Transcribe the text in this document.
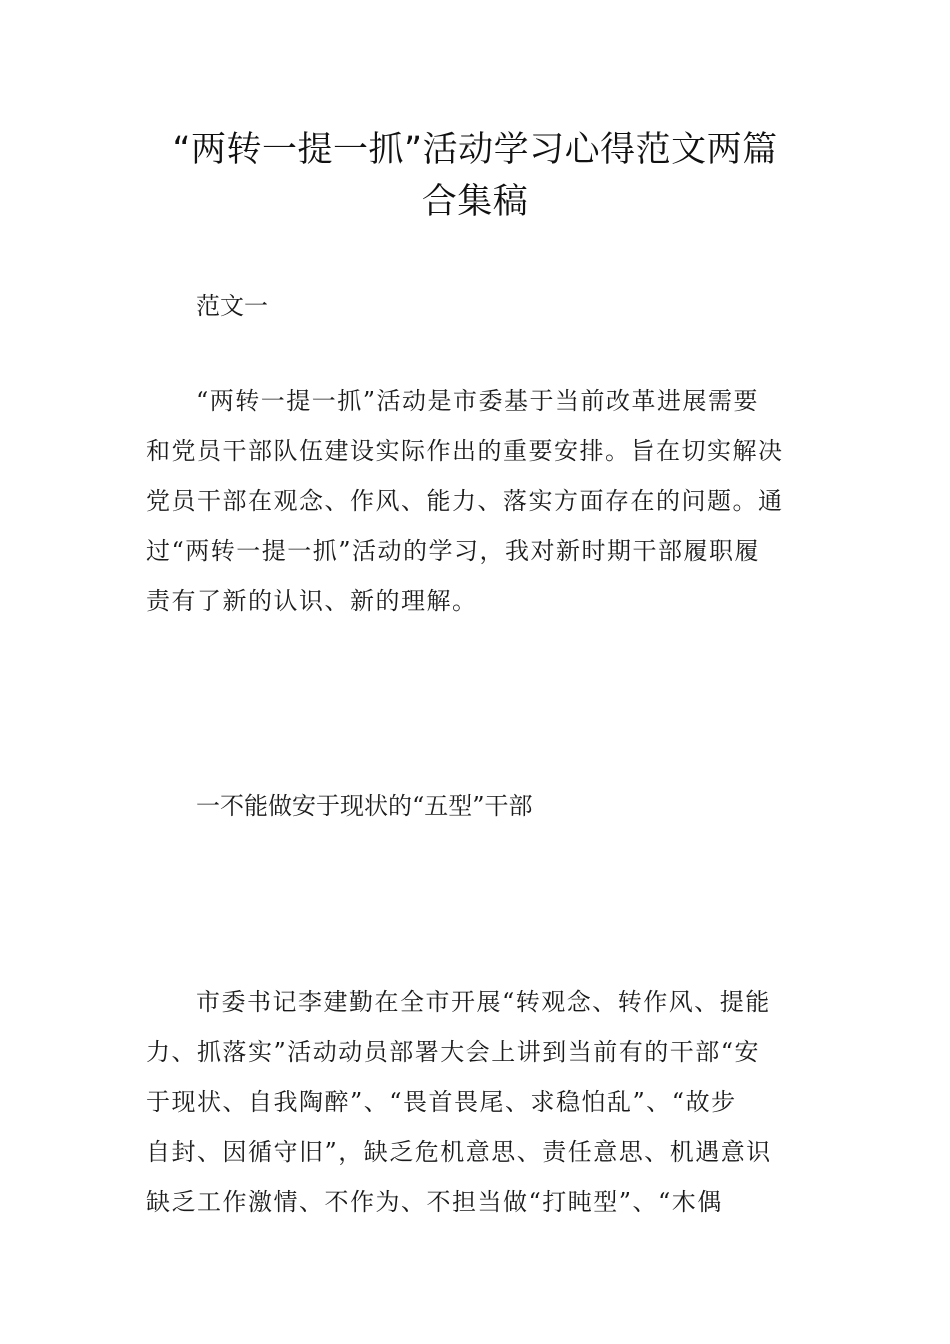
“两转一提一抓”活动学习心得范文两篇
合集稿

范文一

“两转一提一抓”活动是市委基于当前改革进展需要
和党员干部队伍建设实际作出的重要安排。旨在切实解决
党员干部在观念、作风、能力、落实方面存在的问题。通
过“两转一提一抓”活动的学习，我对新时期干部履职履
责有了新的认识、新的理解。

一不能做安于现状的“五型”干部

市委书记李建勤在全市开展“转观念、转作风、提能
力、抓落实”活动动员部署大会上讲到当前有的干部“安
于现状、自我陶醉”、“畏首畏尾、求稳怕乱”、“故步
自封、因循守旧”，缺乏危机意思、责任意思、机遇意识
缺乏工作激情、不作为、不担当做“打盹型”、“木偶
